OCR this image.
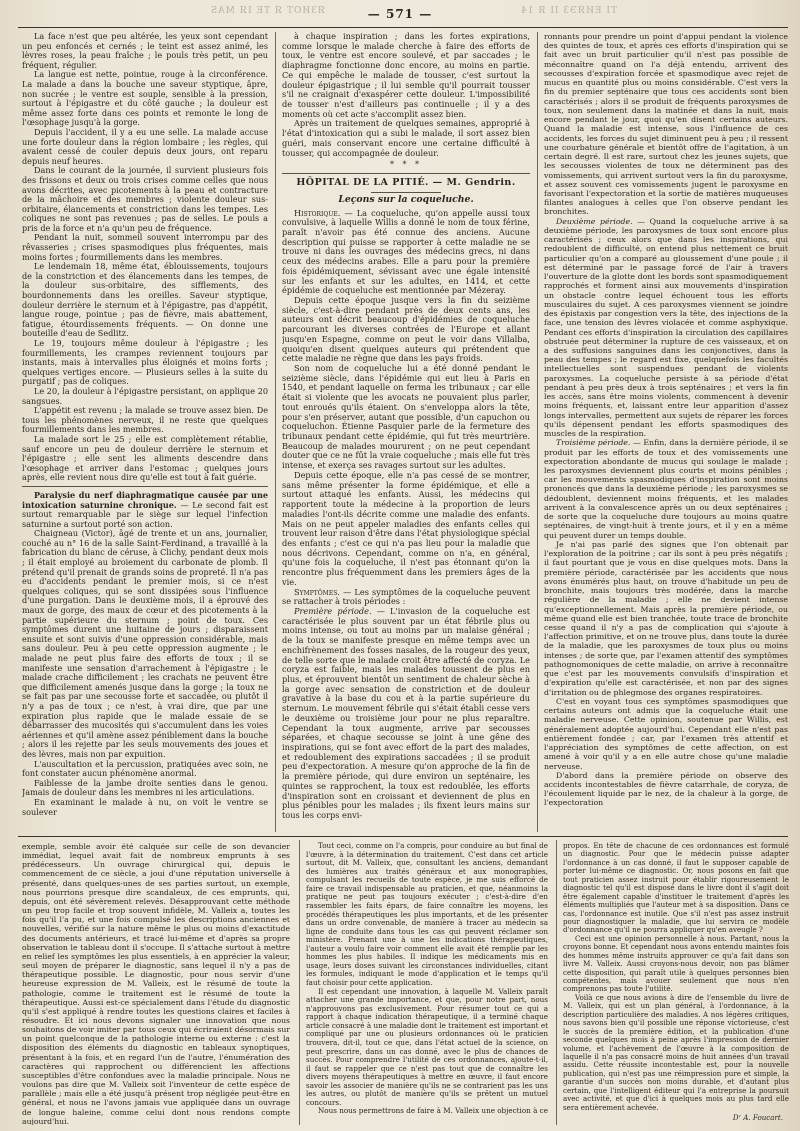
ЯЗИОТ Я ТЕ ІЯ MAS	— 571 —	ТІ ЕИЯЭЗ ІІ Я 14

La face n'est que peu altérée, les yeux sont cependant un peu enfoncés et cernés ; le teint est assez animé, les lèvres roses, la peau fraîche ; le pouls très petit, un peu fréquent, régulier.

La langue est nette, pointue, rouge à la circonférence. La malade a dans la bouche une saveur styptique, âpre, non sucrée ; le ventre est souple, sensible à la pression, surtout à l'épigastre et du côté gauche ; la douleur est même assez forte dans ces points et remonte le long de l'œsophage jusqu'à la gorge.

Depuis l'accident, il y a eu une selle. La malade accuse une forte douleur dans la région lombaire ; les règles, qui avaient cessé de couler depuis deux jours, ont reparu depuis neuf heures.

Dans le courant de la journée, il survient plusieurs fois des frissons et deux ou trois crises comme celles que nous avons décrites, avec picotements à la peau et contracture de la mâchoire et des membres ; violente douleur sus-orbitaire, élancements et constriction dans les tempes. Les coliques ne sont pas revenues ; pas de selles. Le pouls a pris de la force et n'a qu'un peu de fréquence.

Pendant la nuit, sommeil souvent interrompu par des rêvasseries ; crises spasmodiques plus fréquentes, mais moins fortes ; fourmillements dans les membres.

Le lendemain 18, même état, éblouissements, toujours de la constriction et des élancements dans les tempes, de la douleur sus-orbitaire, des sifflements, des bourdonnements dans les oreilles. Saveur styptique, douleur derrière le sternum et à l'épigastre, pas d'appétit, langue rouge, pointue ; pas de fièvre, mais abattement, fatigue, étourdissements fréquents. — On donne une bouteille d'eau de Sedlitz.

Le 19, toujours même douleur à l'épigastre ; les fourmillements, les crampes reviennent toujours par instants, mais à intervalles plus éloignés et moins forts ; quelques vertiges encore. — Plusieurs selles à la suite du purgatif ; pas de coliques.

Le 20, la douleur à l'épigastre persistant, on applique 20 sangsues.

L'appétit est revenu ; la malade se trouve assez bien. De tous les phénomènes nerveux, il ne reste que quelques fourmillements dans les membres.

La malade sort le 25 ; elle est complètement rétablie, sauf encore un peu de douleur derrière le sternum et l'épigastre ; elle sent les aliments descendre dans l'œsophage et arriver dans l'estomac ; quelques jours après, elle revient nous dire qu'elle est tout à fait guérie.

Paralysie du nerf diaphragmatique causée par une intoxication saturnine chronique. — Le second fait est surtout remarquable par le siège sur lequel l'infection saturnine a surtout porté son action.

Chaigneau (Victor), âgé de trente et un ans, journalier, couché au n° 16 de la salle Saint-Ferdinand, a travaillé à la fabrication du blanc de céruse, à Clichy, pendant deux mois ; il était employé au broiement du carbonate de plomb. Il prétend qu'il prenait de grands soins de propreté. Il n'a pas eu d'accidents pendant le premier mois, si ce n'est quelques coliques, qui se sont dissipées sous l'influence d'une purgation. Dans le deuxième mois, il a éprouvé des maux de gorge, des maux de cœur et des picotements à la partie supérieure du sternum ; point de toux. Ces symptômes durent une huitaine de jours ; disparaissent ensuite et sont suivis d'une oppression considérable, mais sans douleur. Peu à peu cette oppression augmente ; le malade ne peut plus faire des efforts de toux ; il se manifeste une sensation d'arrachement à l'épigastre ; le malade crache difficilement ; les crachats ne peuvent être que difficilement amenés jusque dans la gorge ; la toux ne se fait pas par une secousse forte et saccadée, ou plutôt il n'y a pas de toux ; ce n'est, à vrai dire, que par une expiration plus rapide que le malade essaie de se débarrasser des mucosités qui s'accumulent dans les voies aériennes et qu'il amène assez péniblement dans la bouche ; alors il les rejette par les seuls mouvements des joues et des lèvres, mais non par expuition.

L'auscultation et la percussion, pratiquées avec soin, ne font constater aucun phénomène anormal.

Faiblesse de la jambe droite senties dans le genou. Jamais de douleur dans les membres ni les articulations.

En examinant le malade à nu, on voit le ventre se soulever

à chaque inspiration ; dans les fortes expirations, comme lorsque le malade cherche à faire des efforts de toux, le ventre est encore soulevé, et par saccades ; le diaphragme fonctionne donc encore, au moins en partie. Ce qui empêche le malade de tousser, c'est surtout la douleur épigastrique ; il lui semble qu'il pourrait tousser s'il ne craignait d'exaspérer cette douleur. L'impossibilité de tousser n'est d'ailleurs pas continuelle ; il y a des moments où cet acte s'accomplit assez bien.

Après un traitement de quelques semaines, approprié à l'état d'intoxication qui a subi le malade, il sort assez bien guéri, mais conservant encore une certaine difficulté à tousser, qui accompagnée de douleur.

* * *
HÔPITAL DE LA PITIÉ. — M. Gendrin.
Leçons sur la coqueluche.

Historique. — La coqueluche, qu'on appelle aussi toux convulsive, à laquelle Willis a donné le nom de toux férine, paraît n'avoir pas été connue des anciens. Aucune description qui puisse se rapporter à cette maladie ne se trouve ni dans les ouvrages des médecins grecs, ni dans ceux des médecins arabes. Elle a paru pour la première fois épidémiquement, sévissant avec une égale intensité sur les enfants et sur les adultes, en 1414, et cette épidémie de coqueluche est mentionnée par Mézeray.

Depuis cette époque jusque vers la fin du seizième siècle, c'est-à-dire pendant près de deux cents ans, les auteurs ont décrit beaucoup d'épidémies de coqueluche parcourant les diverses contrées de l'Europe et allant jusqu'en Espagne, comme on peut le voir dans Villalba, quoiqu'en disent quelques auteurs qui prétendent que cette maladie ne règne que dans les pays froids.

Son nom de coqueluche lui a été donné pendant le seizième siècle, dans l'épidémie qui eut lieu à Paris en 1540, et pendant laquelle on ferma les tribunaux ; car elle était si violente que les avocats ne pouvaient plus parler, tout enroués qu'ils étaient. On s'enveloppa alors la tête, pour s'en préserver, autant que possible, d'un capuchon ou coqueluchon. Étienne Pasquier parle de la fermeture des tribunaux pendant cette épidémie, qui fut très meurtrière. Beaucoup de malades moururent ; on ne peut cependant douter que ce ne fût la vraie coqueluche ; mais elle fut très intense, et exerça ses ravages surtout sur les adultes.

Depuis cette époque, elle n'a pas cessé de se montrer, sans même présenter la forme épidémique, et elle a surtout attaqué les enfants. Aussi, les médecins qui rapportent toute la médecine à la proportion de leurs maladies l'ont-ils décrite comme une maladie des enfants. Mais on ne peut appeler maladies des enfants celles qui trouvent leur raison d'être dans l'état physiologique spécial des enfants ; c'est ce qui n'a pas lieu pour la maladie que nous décrivons. Cependant, comme on n'a, en général, qu'une fois la coqueluche, il n'est pas étonnant qu'on la rencontre plus fréquemment dans les premiers âges de la vie.

Symptômes. — Les symptômes de la coqueluche peuvent se rattacher à trois périodes :

Première période. — L'invasion de la coqueluche est caractérisée le plus souvent par un état fébrile plus ou moins intense, ou tout au moins par un malaise général ; de la toux se manifeste presque en même temps avec un enchifrènement des fosses nasales, de la rougeur des yeux, de telle sorte que le malade croit être affecté de coryza. Le coryza est faible, mais les malades toussent de plus en plus, et éprouvent bientôt un sentiment de chaleur sèche à la gorge avec sensation de constriction et de douleur gravative à la base du cou et à la partie supérieure du sternum. Le mouvement fébrile qui s'était établi cesse vers le deuxième ou troisième jour pour ne plus reparaître. Cependant la toux augmente, arrive par secousses séparées, et chaque secousse se joint à une gêne des inspirations, qui se font avec effort de la part des malades, et redoublement des expirations saccadées ; il se produit peu d'expectoration. A mesure qu'on approche de la fin de la première période, qui dure environ un septénaire, les quintes se rapprochent, la toux est redoublée, les efforts d'inspiration sont en croissant et deviennent de plus en plus pénibles pour les malades ; ils fixent leurs mains sur tous les corps envi-

ronnants pour prendre un point d'appui pendant la violence des quintes de toux, et après ces efforts d'inspiration qui se fait avec un bruit particulier qu'il n'est pas possible de méconnaître quand on l'a déjà entendu, arrivent des secousses d'expiration forcée et spasmodique avec rejet de mucus en quantité plus ou moins considérable. C'est vers la fin du premier septénaire que tous ces accidents sont bien caractérisés ; alors il se produit de fréquents paroxysmes de toux, non seulement dans la matinée et dans la nuit, mais encore pendant le jour, quoi qu'en disent certains auteurs. Quand la maladie est intense, sous l'influence de ces accidents, les forces du sujet diminuent peu à peu ; il ressent une courbature générale et bientôt offre de l'agitation, à un certain degré. Il est rare, surtout chez les jeunes sujets, que les secousses violentes de toux ne déterminent pas des vomissements, qui arrivent surtout vers la fin du paroxysme, et assez souvent ces vomissements jugent le paroxysme en favorisant l'expectoration et la sortie de matières muqueuses filantes analogues à celles que l'on observe pendant les bronchites.

Deuxième période. — Quand la coqueluche arrive à sa deuxième période, les paroxysmes de toux sont encore plus caractérisés ; ceux alors que dans les inspirations, qui redoublent de difficulté, on entend plus nettement ce bruit particulier qu'on a comparé au gloussement d'une poule ; il est déterminé par le passage forcé de l'air à travers l'ouverture de la glotte dont les bords sont spasmodiquement rapprochés et forment ainsi aux mouvements d'inspiration un obstacle contre lequel échouent tous les efforts musculaires du sujet. A ces paroxysmes viennent se joindre des épistaxis par congestion vers la tête, des injections de la face, une tension des lèvres violacée et comme asphyxique. Pendant ces efforts d'inspiration la circulation des capillaires obstruée peut déterminer la rupture de ces vaisseaux, et on a des suffusions sanguines dans les conjonctives, dans la peau des tempes ; le regard est fixe, quelquefois les facultés intellectuelles sont suspendues pendant de violents paroxysmes. La coqueluche persiste à sa période d'état pendant à peu près deux à trois septénaires ; et vers la fin les accès, sans être moins violents, commencent à devenir moins fréquents, et, laissant entre leur apparition d'assez longs intervalles, permettent aux sujets de réparer les forces qu'ils dépensent pendant les efforts spasmodiques des muscles de la respiration.

Troisième période. — Enfin, dans la dernière période, il se produit par les efforts de toux et des vomissements une expectoration abondante de mucus qui soulage le malade ; les paroxysmes deviennent plus courts et moins pénibles ; car les mouvements spasmodiques d'inspiration sont moins prononcés que dans la deuxième période ; les paroxysmes se dédoublent, deviennent moins fréquents, et les malades arrivent à la convalescence après un ou deux septénaires ; de sorte que la coqueluche dure toujours au moins quatre septénaires, de vingt-huit à trente jours, et il y en a même qui peuvent durer un temps double.

Je n'ai pas parlé des signes que l'on obtenait par l'exploration de la poitrine ; car ils sont à peu près négatifs ; il faut pourtant que je vous en dise quelques mots. Dans la première période, caractérisée par les accidents que nous avons énumérés plus haut, on trouve d'habitude un peu de bronchite, mais toujours très modérée, dans la marche régulière de la maladie ; elle ne devient intense qu'exceptionnellement. Mais après la première période, ou même quand elle est bien tranchée, toute trace de bronchite cesse quand il n'y a pas de complication qui s'ajoute à l'affection primitive, et on ne trouve plus, dans toute la durée de la maladie, que les paroxysmes de toux plus ou moins intenses ; de sorte que, par l'examen attentif des symptômes pathognomoniques de cette maladie, on arrive à reconnaître que c'est par les mouvements convulsifs d'inspiration et d'expiration qu'elle est caractérisée, et non par des signes d'irritation ou de phlegmose des organes respiratoires.

C'est en voyant tous ces symptômes spasmodiques que certains auteurs ont admis que la coqueluche était une maladie nerveuse. Cette opinion, soutenue par Willis, est généralement adoptée aujourd'hui. Cependant elle n'est pas entièrement fondée ; car, par l'examen très attentif et l'appréciation des symptômes de cette affection, on est amené à voir qu'il y a en elle autre chose qu'une maladie nerveuse.

D'abord dans la première période on observe des accidents incontestables de fièvre catarrhale, de coryza, de l'écoulement liquide par le nez, de la chaleur à la gorge, de l'expectoration

exemple, semble avoir été calquée sur celle de son devancier immédiat, lequel avait fait de nombreux emprunts à ses prédécesseurs. Un ouvrage chirurgical qui, depuis le commencement de ce siècle, a joui d'une réputation universelle à présenté, dans quelques-unes de ses parties surtout, un exemple, nous pourrions presque dire scandaleux, de ces emprunts, qui, depuis, ont été sévèrement relevés. Désapprouvant cette méthode un peu trop facile et trop souvent infidèle, M. Valleix a, toutes les fois qu'il l'a pu, et une fois compulsé les descriptions anciennes et nouvelles, vérifié sur la nature même le plus ou moins d'exactitude des documents antérieurs, et tracé lui-même et d'après sa propre observation le tableau dont il s'occupe. Il s'attache surtout à mettre en relief les symptômes les plus essentiels, à en apprécier la valeur, seul moyen de préparer le diagnostic, sans lequel il n'y a pas de thérapeutique possible. Le diagnostic, pour nous servir d'une heureuse expression de M. Valleix, est le résumé de toute la pathologie, comme le traitement est le résumé de toute la thérapeutique. Aussi est-ce spécialement dans l'étude du diagnostic qu'il s'est appliqué à rendre toutes les questions claires et faciles à résoudre. Et ici nous devons signaler une innovation que nous souhaitons de voir imiter par tous ceux qui écriraient désormais sur un point quelconque de la pathologie interne ou externe : c'est la disposition des éléments du diagnostic en tableaux synoptiques, présentant à la fois, et en regard l'un de l'autre, l'énumération des caractères qui rapprochent ou différencient les affections susceptibles d'être confondues avec la maladie principale. Nous ne voulons pas dire que M. Valleix soit l'inventeur de cette espèce de parallèle ; mais elle a été jusqu'à présent trop négligée peut-être en général, et nous ne l'avons jamais vue appliquée dans un ouvrage de longue haleine, comme celui dont nous rendons compte aujourd'hui.

Tout ceci, comme on l'a compris, pour conduire au but final de l'œuvre, à la détermination du traitement. C'est dans cet article surtout, dit M. Valleix, que, consultant les anciens, demandant des lumières aux traités généraux et aux monographies, compulsant les recueils de toute espèce, je me suis efforcé de faire ce travail indispensable au praticien, et que, néanmoins la pratique ne peut pas toujours exécuter ; c'est-à-dire d'en rassembler les faits épars, de faire connaître les moyens, les procédés thérapeutiques les plus importants, et de les présenter dans un ordre convenable, de manière à tracer au médecin sa ligne de conduite dans tous les cas qui peuvent réclamer son ministère. Prenant une à une les indications thérapeutiques, l'auteur a voulu faire voir comment elle avait été remplie par les hommes les plus habiles. Il indique les médicaments mis en usage, leurs doses suivant les circonstances individuelles, citant les formules, indiquant le mode d'application et le temps qu'il faut choisir pour cette application.

Il est cependant une innovation, à laquelle M. Valleix paraît attacher une grande importance, et que, pour notre part, nous n'approuvons pas exclusivement. Pour résumer tout ce qui a rapport à chaque indication thérapeutique, il a terminé chaque article consacré à une maladie dont le traitement est important et compliqué par une ou plusieurs ordonnances où le praticien trouvera, dit-il, tout ce que, dans l'état actuel de la science, on peut prescrire, dans un cas donné, avec le plus de chances de succès. Pour comprendre l'utilité de ces ordonnances, ajoute-t-il, il faut se rappeler que ce n'est pas tout que de connaître les divers moyens thérapeutiques à mettre en œuvre, il faut encore savoir les associer de manière qu'ils ne se contrarient pas les uns les autres, ou plutôt de manière qu'ils se prêtent un mutuel concours.

Nous nous permettrons de faire à M. Valleix une objection à ce

propos. En tête de chacune de ces ordonnances est formulé un diagnostic. Pour que le médecin puisse adapter l'ordonnance à un cas donné, il faut le supposer capable de porter lui-même ce diagnostic. Or, nous posons en fait que tout praticien assez instruit pour établir rigoureusement le diagnostic tel qu'il est disposé dans le livre dont il s'agit doit être également capable d'instituer le traitement d'après les éléments multipliés que l'auteur met à sa disposition. Dans ce cas, l'ordonnance est inutile. Que s'il n'est pas assez instruit pour diagnostiquer la maladie, que lui servira ce modèle d'ordonnance qu'il ne pourra appliquer qu'en aveugle ?

Ceci est une opinion personnelle à nous. Partant, nous la croyons bonne. Et cependant nous avons entendu maintes fois des hommes même instruits approuver ce qu'a fait dans son livre M. Valleix. Aussi croyons-nous devoir, non pas blâmer cette disposition, qui paraît utile à quelques personnes bien compétentes, mais avouer seulement que nous n'en comprenons pas toute l'utilité.

Voilà ce que nous avions à dire de l'ensemble du livre de M. Valleix, qui est un plan général, à l'ordonnance, à la description particulière des maladies. A nos légères critiques, nous savons bien qu'il possible une réponse victorieuse, c'est le succès de la première édition, et la publication d'une seconde quelques mois à peine après l'impression de dernier volume, et l'achèvement de l'œuvre à la composition de laquelle il n'a pas consacré moins de huit années d'un travail assidu. Cette réussite incontestable est, pour la nouvelle publication, qui n'est pas une réimpression pure et simple, la garantie d'un succès non moins durable, et d'autant plus certain, que l'intelligent éditeur qui l'a entreprise la poursuit avec activité, et que d'ici à quelques mois au plus tard elle sera entièrement achevée.

Dʳ A. Foucart.
